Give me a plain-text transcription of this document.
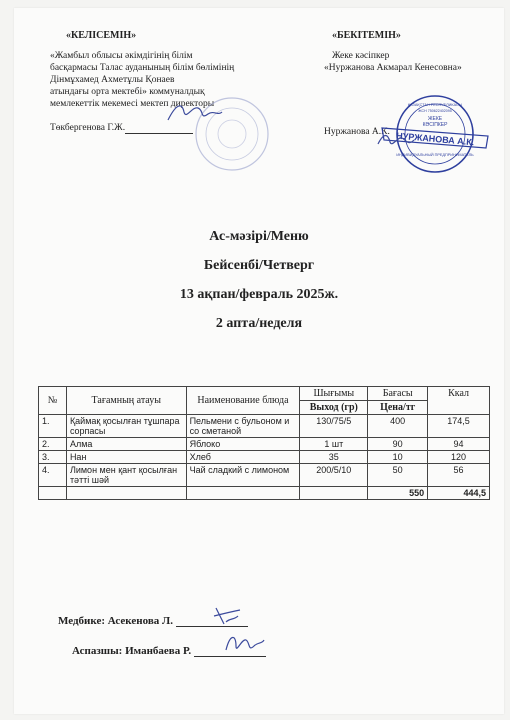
«КЕЛІСЕМІН»
«Жамбыл облысы әкімдігінің білім
басқармасы Талас ауданының білім бөлімінің
Дінмұхамед Ахметұлы Қонаев
атындағы орта мектебі» коммуналдық
мемлекеттік мекемесі мектеп директоры
Төкбергенова Г.Ж.
«БЕКІТЕМІН»
Жеке кәсіпкер
«Нуржанова Акмарал Кенесовна»
Нуржанова А.К. НУРЖАНОВА А.К.
ЖЕКЕ
КӘСІПКЕР
ИНДИВИДУАЛЬНЫЙ ПРЕДПРИНИМАТЕЛЬ
ҚАЗАҚСТАН РЕСПУБЛИКАСЫ
ЖСН 750622402095
Ас-мәзірі/Меню
Бейсенбі/Четверг
13 ақпан/февраль 2025ж.
2 апта/неделя
№	Тағамның атауы	Наименование блюда	Шығымы	Бағасы	Ккал
			Выход (гр)	Цена/тг	
1.	Қаймақ қосылған тұшпара сорпасы	Пельмени с бульоном и со сметаной	130/75/5	400	174,5
2.	Алма	Яблоко	1 шт	90	94
3.	Нан	Хлеб	35	10	120
4.	Лимон мен қант қосылған тәтті шәй	Чай сладкий с лимоном	200/5/10	50	56
				550	444,5
Медбике: Асекенова Л.
Аспазшы: Иманбаева Р.
